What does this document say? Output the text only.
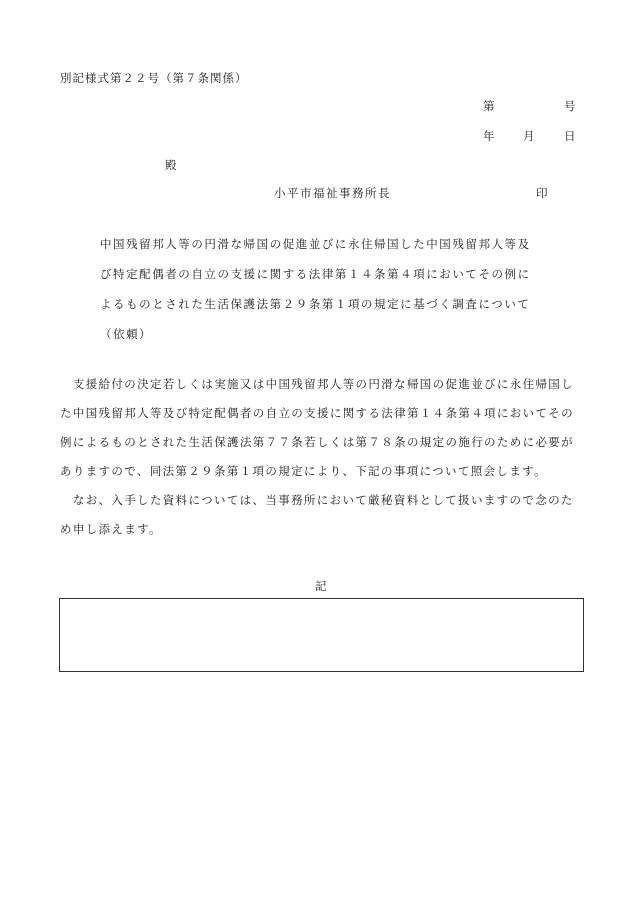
別記様式第２２号（第７条関係）
第	号
年 月	日
殿
小平市福祉事務所長	印
中国残留邦人等の円滑な帰国の促進並びに永住帰国した中国残留邦人等及
び特定配偶者の自立の支援に関する法律第１４条第４項においてその例に
よるものとされた生活保護法第２９条第１項の規定に基づく調査について
（依頼）
　支援給付の決定若しくは実施又は中国残留邦人等の円滑な帰国の促進並びに永住帰国し
た中国残留邦人等及び特定配偶者の自立の支援に関する法律第１４条第４項においてその
例によるものとされた生活保護法第７７条若しくは第７８条の規定の施行のために必要が
ありますので、同法第２９条第１項の規定により、下記の事項について照会します。
　なお、入手した資料については、当事務所において厳秘資料として扱いますので念のた
め申し添えます。
記
